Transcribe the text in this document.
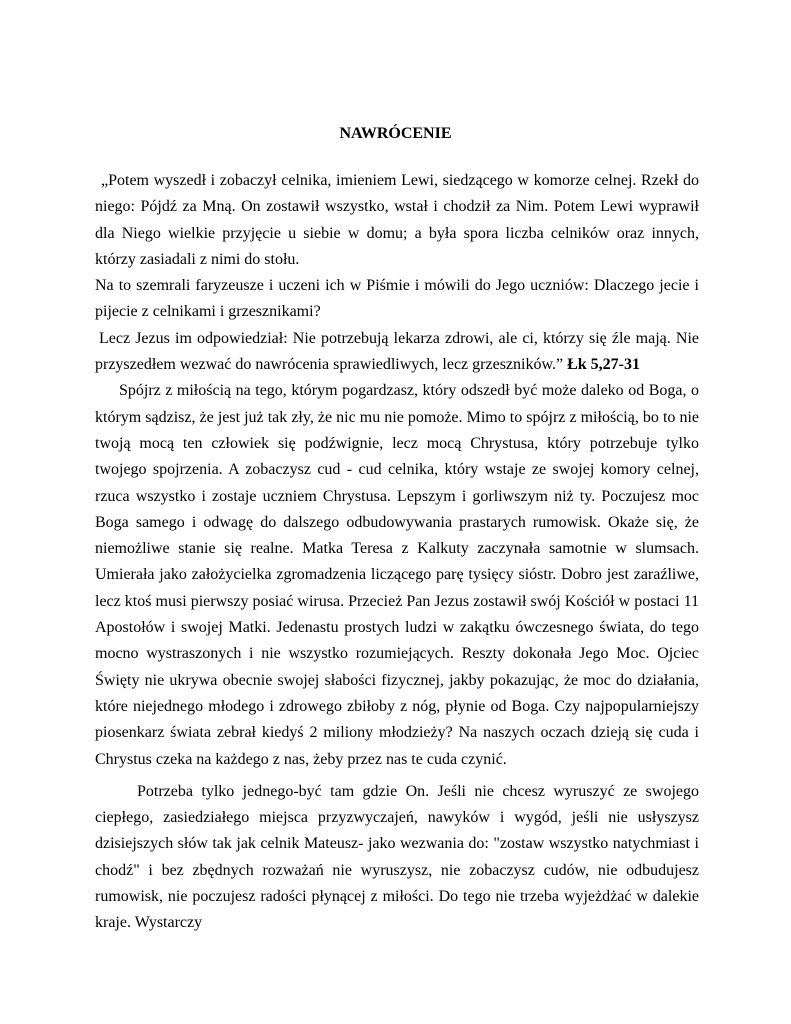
NAWRÓCENIE

„Potem wyszedł i zobaczył celnika, imieniem Lewi, siedzącego w komorze celnej. Rzekł do niego: Pójdź za Mną. On zostawił wszystko, wstał i chodził za Nim. Potem Lewi wyprawił dla Niego wielkie przyjęcie u siebie w domu; a była spora liczba celników oraz innych, którzy zasiadali z nimi do stołu.

Na to szemrali faryzeusze i uczeni ich w Piśmie i mówili do Jego uczniów: Dlaczego jecie i pijecie z celnikami i grzesznikami?

Lecz Jezus im odpowiedział: Nie potrzebują lekarza zdrowi, ale ci, którzy się źle mają. Nie przyszedłem wezwać do nawrócenia sprawiedliwych, lecz grzeszników.” Łk 5,27-31

Spójrz z miłością na tego, którym pogardzasz, który odszedł być może daleko od Boga, o którym sądzisz, że jest już tak zły, że nic mu nie pomoże. Mimo to spójrz z miłością, bo to nie twoją mocą ten człowiek się podźwignie, lecz mocą Chrystusa, który potrzebuje tylko twojego spojrzenia. A zobaczysz cud - cud celnika, który wstaje ze swojej komory celnej, rzuca wszystko i zostaje uczniem Chrystusa. Lepszym i gorliwszym niż ty. Poczujesz moc Boga samego i odwagę do dalszego odbudowywania prastarych rumowisk. Okaże się, że niemożliwe stanie się realne. Matka Teresa z Kalkuty zaczynała samotnie w slumsach. Umierała jako założycielka zgromadzenia liczącego parę tysięcy sióstr. Dobro jest zaraźliwe, lecz ktoś musi pierwszy posiać wirusa. Przecież Pan Jezus zostawił swój Kościół w postaci 11 Apostołów i swojej Matki. Jedenastu prostych ludzi w zakątku ówczesnego świata, do tego mocno wystraszonych i nie wszystko rozumiejących. Reszty dokonała Jego Moc. Ojciec Święty nie ukrywa obecnie swojej słabości fizycznej, jakby pokazując, że moc do działania, które niejednego młodego i zdrowego zbiłoby z nóg, płynie od Boga. Czy najpopularniejszy piosenkarz świata zebrał kiedyś 2 miliony młodzieży? Na naszych oczach dzieją się cuda i Chrystus czeka na każdego z nas, żeby przez nas te cuda czynić.

Potrzeba tylko jednego-być tam gdzie On. Jeśli nie chcesz wyruszyć ze swojego ciepłego, zasiedziałego miejsca przyzwyczajeń, nawyków i wygód, jeśli nie usłyszysz dzisiejszych słów tak jak celnik Mateusz- jako wezwania do: "zostaw wszystko natychmiast i chodź" i bez zbędnych rozważań nie wyruszysz, nie zobaczysz cudów, nie odbudujesz rumowisk, nie poczujesz radości płynącej z miłości. Do tego nie trzeba wyjeżdżać w dalekie kraje. Wystarczy
